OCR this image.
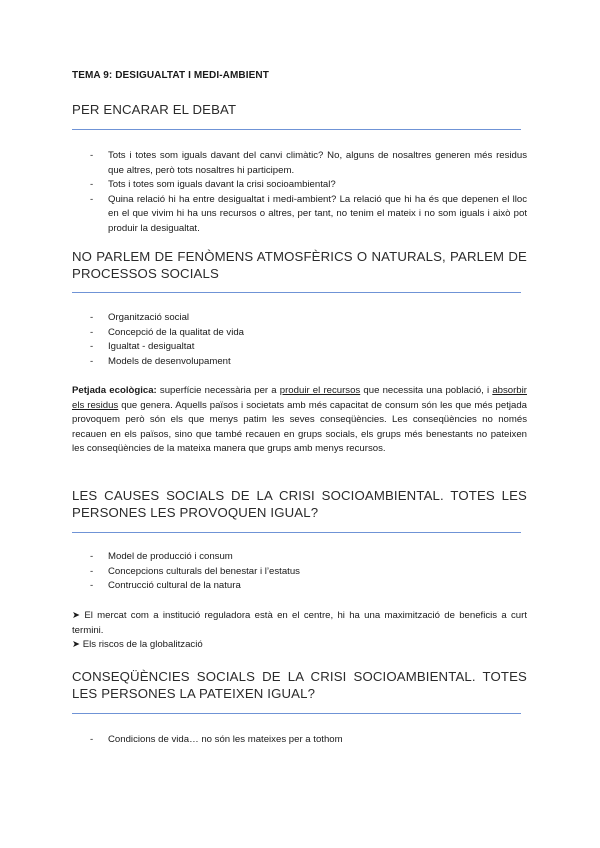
TEMA 9: DESIGUALTAT I MEDI-AMBIENT
PER ENCARAR EL DEBAT
- Tots i totes som iguals davant del canvi climàtic? No, alguns de nosaltres generen més residus que altres, però tots nosaltres hi participem.
- Tots i totes som iguals davant la crisi socioambiental?
- Quina relació hi ha entre desigualtat i medi-ambient? La relació que hi ha és que depenen el lloc en el que vivim hi ha uns recursos o altres, per tant, no tenim el mateix i no som iguals i això pot produir la desigualtat.
NO PARLEM DE FENÒMENS ATMOSFÈRICS O NATURALS, PARLEM DE PROCESSOS SOCIALS
- Organització social
- Concepció de la qualitat de vida
- Igualtat - desigualtat
- Models de desenvolupament

Petjada ecològica: superfície necessària per a produir el recursos que necessita una població, i absorbir els residus que genera. Aquells països i societats amb més capacitat de consum són les que més petjada provoquem però són els que menys patim les seves conseqüències. Les conseqüències no només recauen en els països, sino que també recauen en grups socials, els grups més benestants no pateixen les conseqüències de la mateixa manera que grups amb menys recursos.

LES CAUSES SOCIALS DE LA CRISI SOCIOAMBIENTAL. TOTES LES PERSONES LES PROVOQUEN IGUAL?
- Model de producció i consum
- Concepcions culturals del benestar i l’estatus
- Contrucció cultural de la natura

➤ El mercat com a institució reguladora està en el centre, hi ha una maximització de beneficis a curt termini.
➤ Els riscos de la globalització

CONSEQÜÈNCIES SOCIALS DE LA CRISI SOCIOAMBIENTAL. TOTES LES PERSONES LA PATEIXEN IGUAL?
- Condicions de vida… no són les mateixes per a tothom
